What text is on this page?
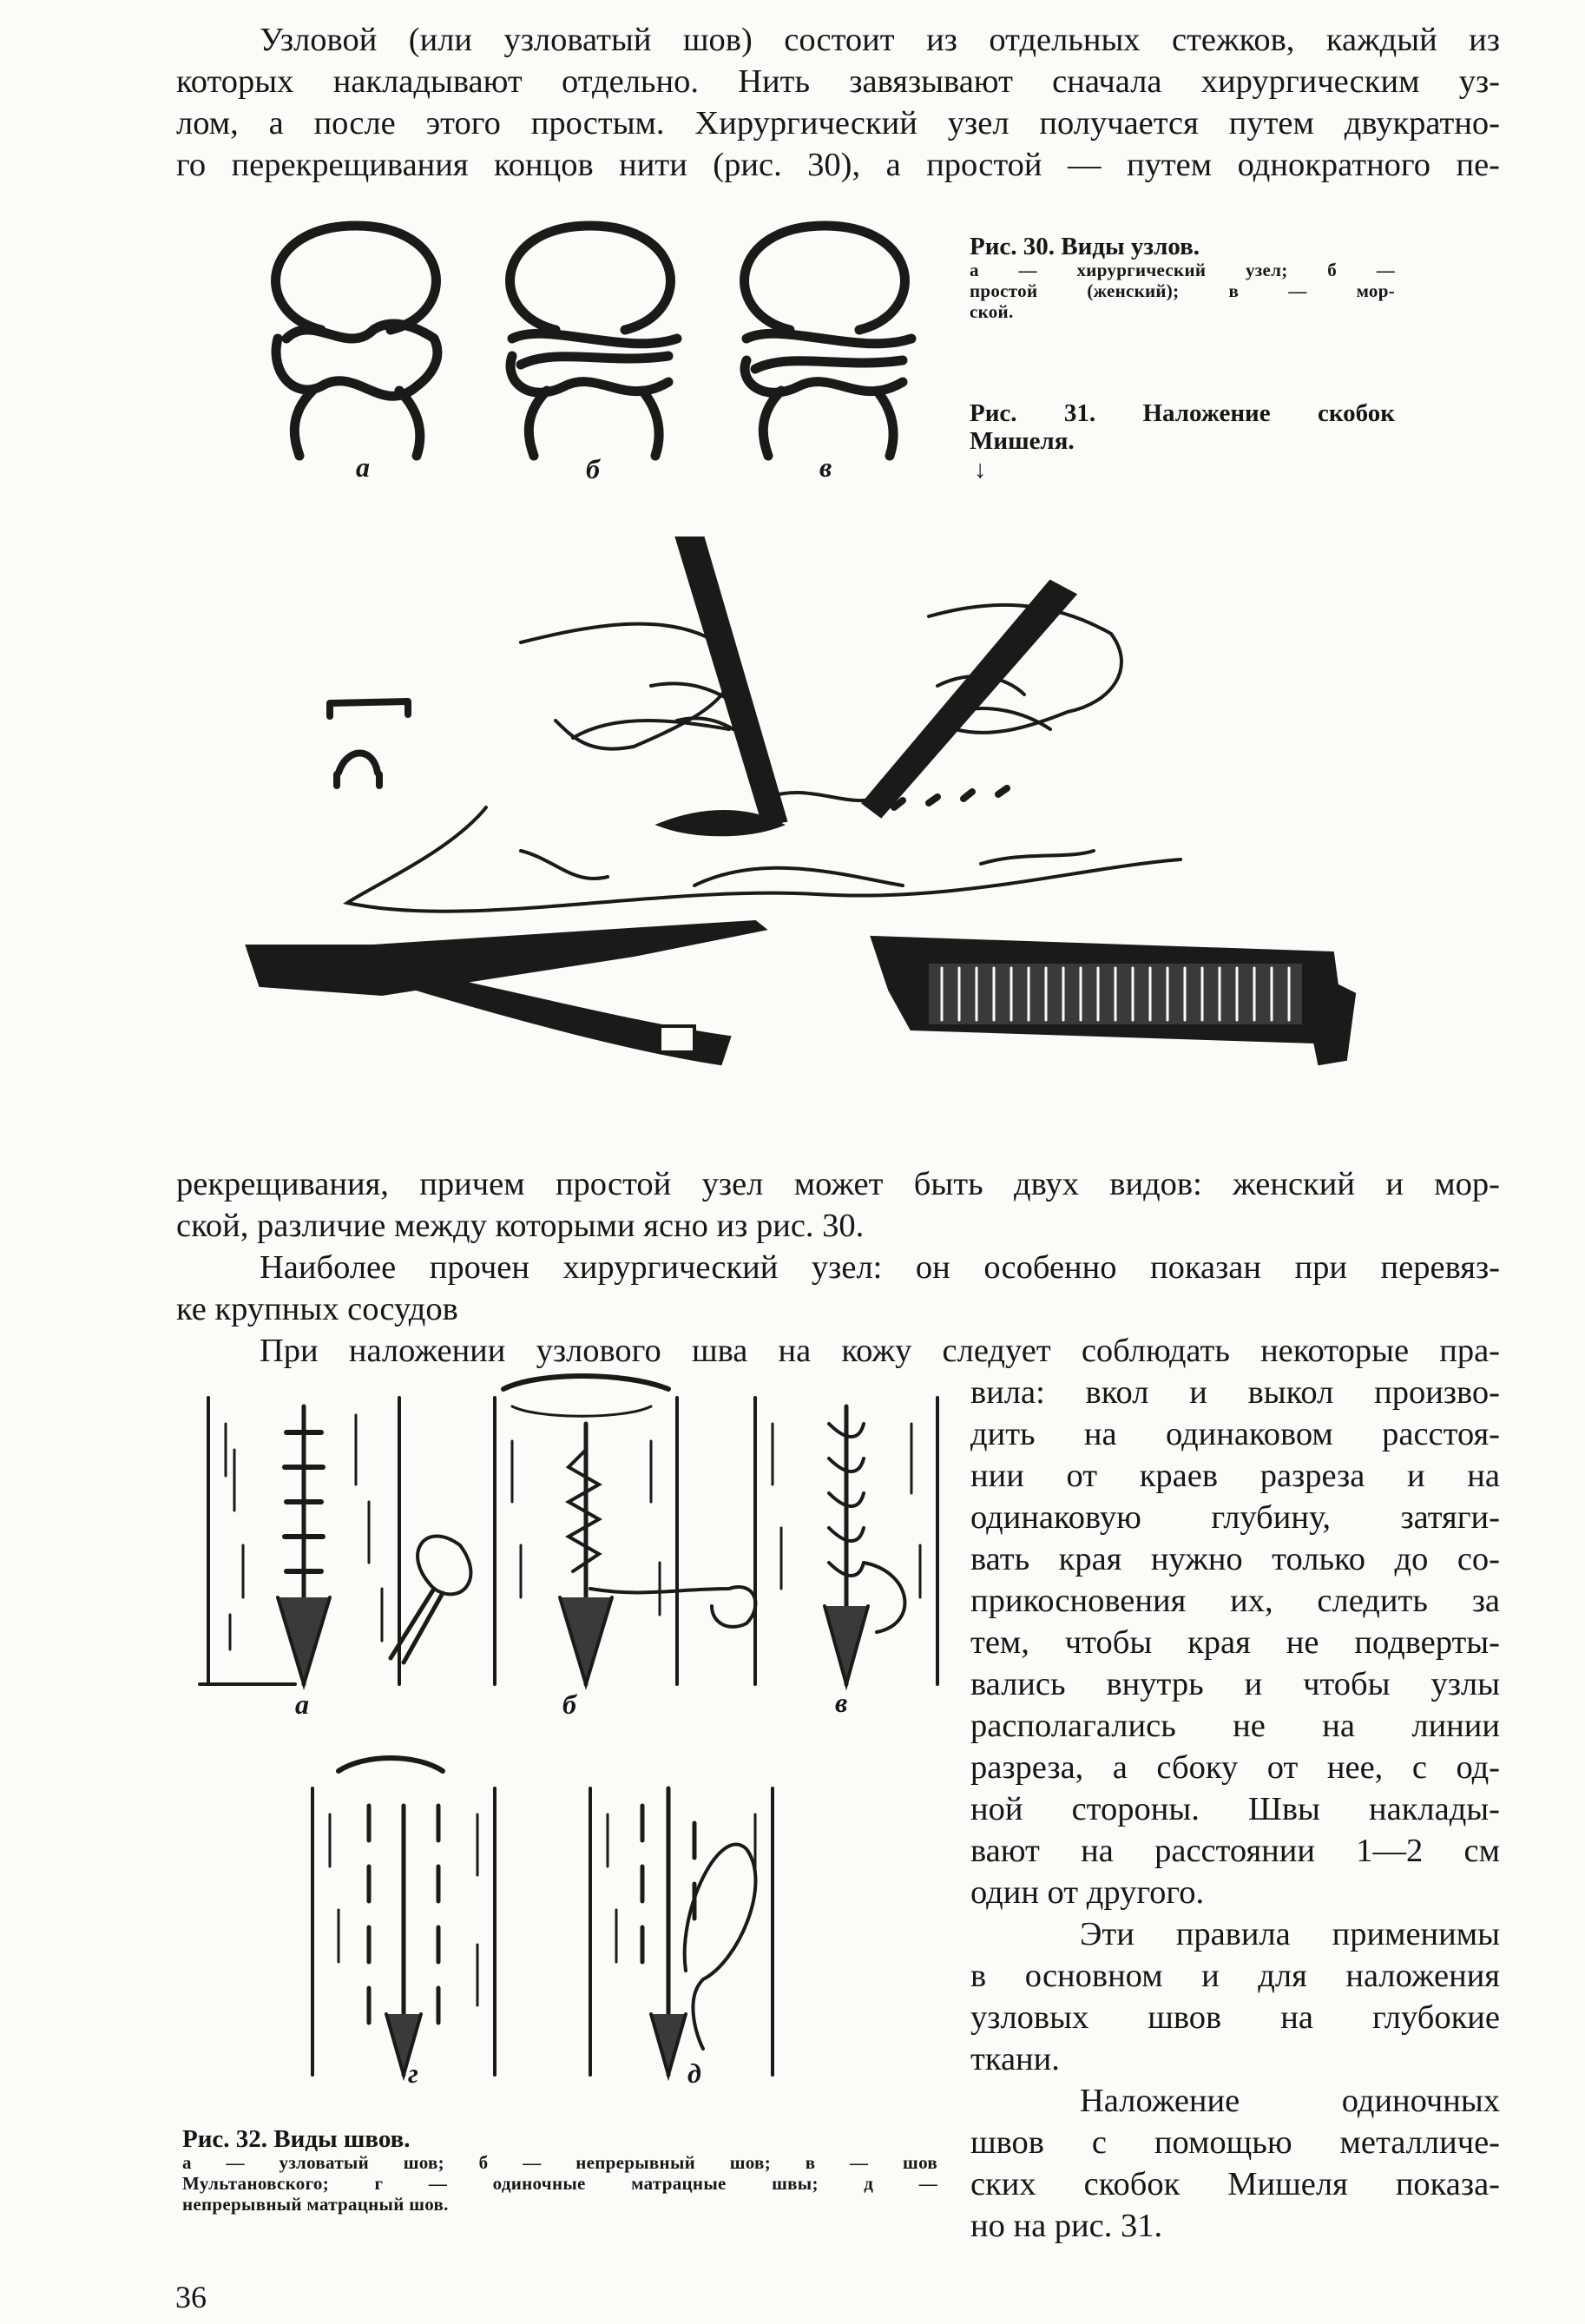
Узловой (или узловатый шов) состоит из отдельных стежков, каждый из

которых накладывают отдельно. Нить завязывают сначала хирургическим уз-

лом, а после этого простым. Хирургический узел получается путем двукратно-

го перекрещивания концов нити (рис. 30), а простой — путем однократного пе-

а	б	в
Рис. 30. Виды узлов.
а — хирургический узел; б —
простой (женский); в — мор-
ской.
Рис. 31. Наложение скобок
Мишеля.
↓

рекрещивания, причем простой узел может быть двух видов: женский и мор-

ской, различие между которыми ясно из рис. 30.

Наиболее прочен хирургический узел: он особенно показан при перевяз-

ке крупных сосудов

При наложении узлового шва на кожу следует соблюдать некоторые пра-

вила: вкол и выкол произво-

дить на одинаковом расстоя-

нии от краев разреза и на

одинаковую глубину, затяги-

вать края нужно только до со-

прикосновения их, следить за

тем, чтобы края не подверты-

вались внутрь и чтобы узлы

располагались не на линии

разреза, а сбоку от нее, с од-

ной стороны. Швы наклады-

вают на расстоянии 1—2 см

один от другого.

Эти правила применимы

в основном и для наложения

узловых швов на глубокие

ткани.

Наложение одиночных

швов с помощью металличе-

ских скобок Мишеля показа-

но на рис. 31.

а	б	в
г	д
Рис. 32. Виды швов.
а — узловатый шов; б — непрерывный шов; в — шов
Мультановского; г — одиночные матрацные швы; д —
непрерывный матрацный шов.
36
